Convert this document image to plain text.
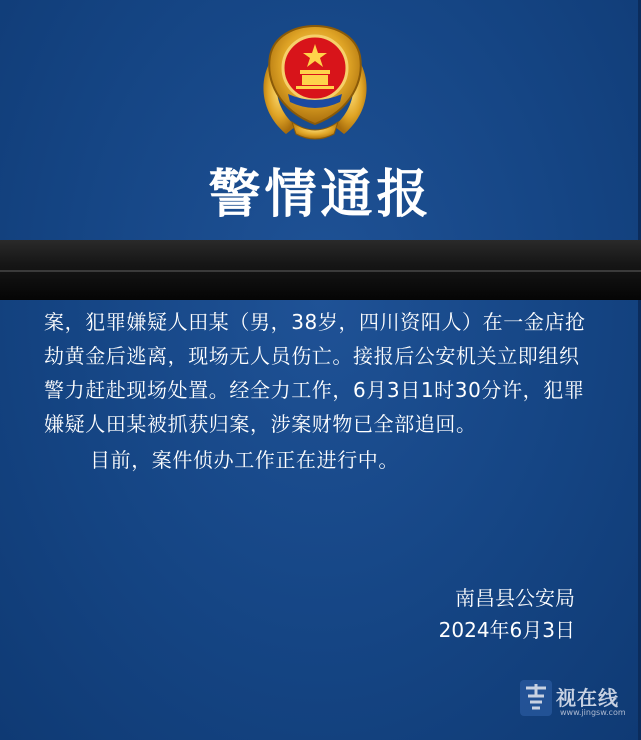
警情通报

案，犯罪嫌疑人田某（男，38岁，四川资阳人）在一金店抢劫黄金后逃离，现场无人员伤亡。接报后公安机关立即组织警力赶赴现场处置。经全力工作，6月3日1时30分许，犯罪嫌疑人田某被抓获归案，涉案财物已全部追回。

目前，案件侦办工作正在进行中。

南昌县公安局
2024年6月3日
视在线
www.jingsw.com
